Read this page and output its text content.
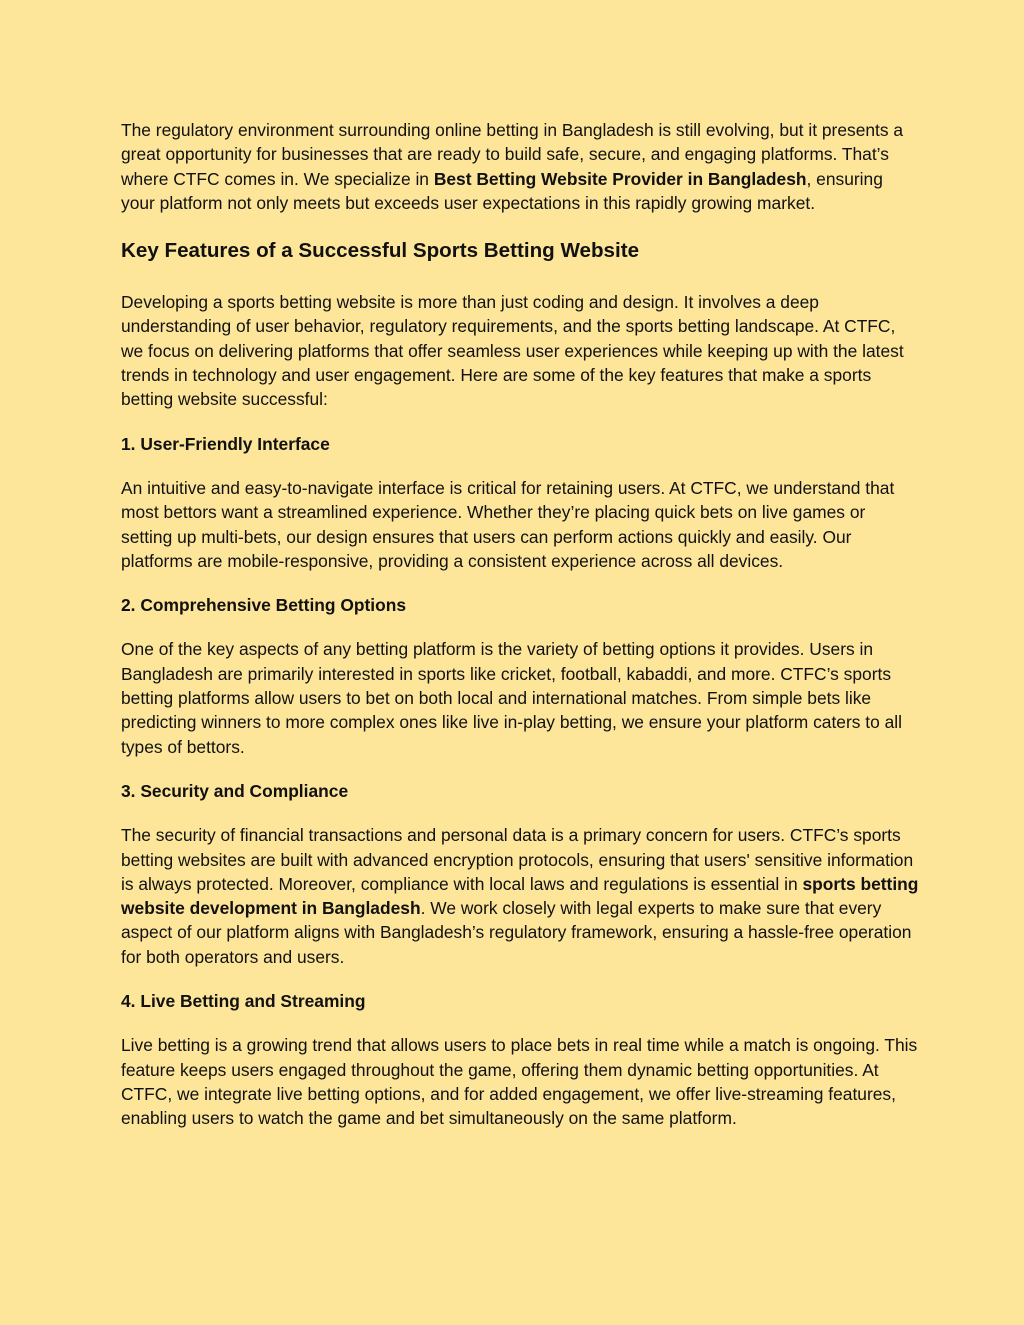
The regulatory environment surrounding online betting in Bangladesh is still evolving, but it presents a great opportunity for businesses that are ready to build safe, secure, and engaging platforms. That’s where CTFC comes in. We specialize in Best Betting Website Provider in Bangladesh, ensuring your platform not only meets but exceeds user expectations in this rapidly growing market.

Key Features of a Successful Sports Betting Website

Developing a sports betting website is more than just coding and design. It involves a deep understanding of user behavior, regulatory requirements, and the sports betting landscape. At CTFC, we focus on delivering platforms that offer seamless user experiences while keeping up with the latest trends in technology and user engagement. Here are some of the key features that make a sports betting website successful:

1. User-Friendly Interface

An intuitive and easy-to-navigate interface is critical for retaining users. At CTFC, we understand that most bettors want a streamlined experience. Whether they’re placing quick bets on live games or setting up multi-bets, our design ensures that users can perform actions quickly and easily. Our platforms are mobile-responsive, providing a consistent experience across all devices.

2. Comprehensive Betting Options

One of the key aspects of any betting platform is the variety of betting options it provides. Users in Bangladesh are primarily interested in sports like cricket, football, kabaddi, and more. CTFC’s sports betting platforms allow users to bet on both local and international matches. From simple bets like predicting winners to more complex ones like live in-play betting, we ensure your platform caters to all types of bettors.

3. Security and Compliance

The security of financial transactions and personal data is a primary concern for users. CTFC’s sports betting websites are built with advanced encryption protocols, ensuring that users' sensitive information is always protected. Moreover, compliance with local laws and regulations is essential in sports betting website development in Bangladesh. We work closely with legal experts to make sure that every aspect of our platform aligns with Bangladesh’s regulatory framework, ensuring a hassle-free operation for both operators and users.

4. Live Betting and Streaming

Live betting is a growing trend that allows users to place bets in real time while a match is ongoing. This feature keeps users engaged throughout the game, offering them dynamic betting opportunities. At CTFC, we integrate live betting options, and for added engagement, we offer live-streaming features, enabling users to watch the game and bet simultaneously on the same platform.
